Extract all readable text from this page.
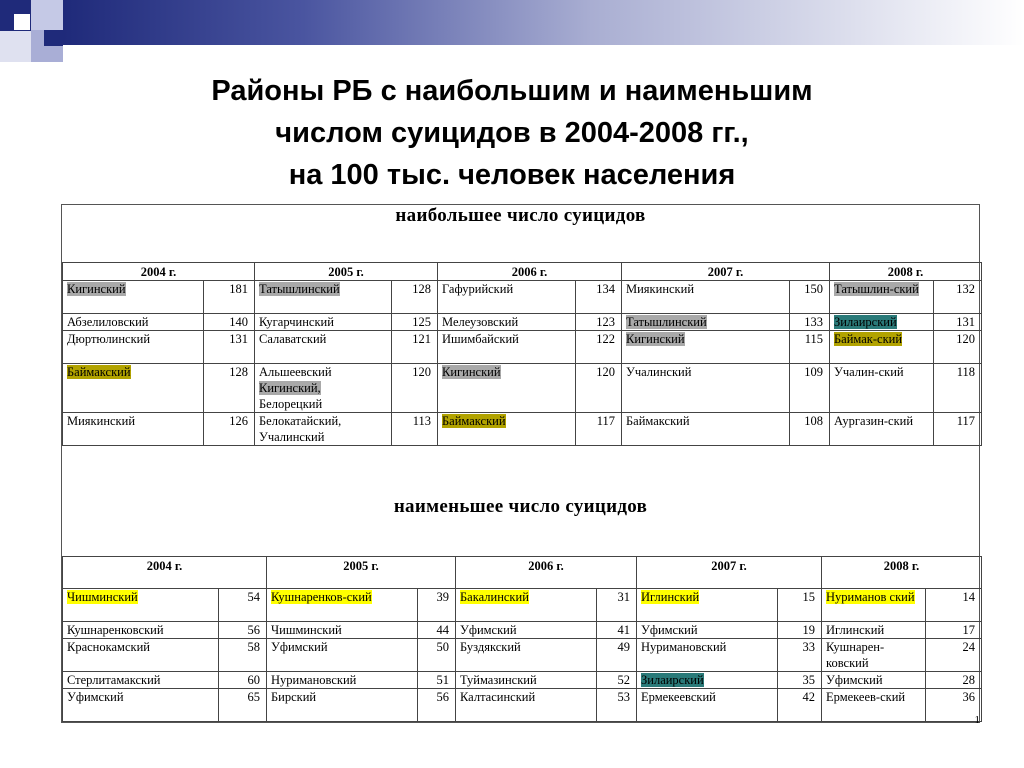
Районы РБ с наибольшим и наименьшим
числом суицидов в 2004-2008 гг.,
на 100 тыс. человек населения
наибольшее число суицидов
2004 г.		2005 г.		2006 г.		2007 г.		2008 г.	
Кигинский	181	Татышлинский	128	Гафурийский	134	Миякинский	150	Татышлин-ский	132
Абзелиловский	140	Кугарчинский	125	Мелеузовский	123	Татышлинский	133	Зилаирский	131
Дюртюлинский	131	Салаватский	121	Ишимбайский	122	Кигинский	115	Баймак-ский	120
Баймакский	128	Альшеевский
Кигинский,
Белорецкий	120	Кигинский	120	Учалинский	109	Учалин-ский	118
Миякинский	126	Белокатайский, Учалинский	113	Баймакский	117	Баймакский	108	Аургазин-ский	117
наименьшее число суицидов
2004 г.		2005 г.		2006 г.		2007 г.		2008 г.	
Чишминский	54	Кушнаренков-ский	39	Бакалинский	31	Иглинский	15	Нуриманов ский	14
Кушнаренковский	56	Чишминский	44	Уфимский	41	Уфимский	19	Иглинский	17
Краснокамский	58	Уфимский	50	Буздякский	49	Нуримановский	33	Кушнарен-ковский	24
Стерлитамакский	60	Нуримановский	51	Туймазинский	52	Зилаирский	35	Уфимский	28
Уфимский	65	Бирский	56	Калтасинский	53	Ермекеевский	42	Ермекеев-ский	36
1
